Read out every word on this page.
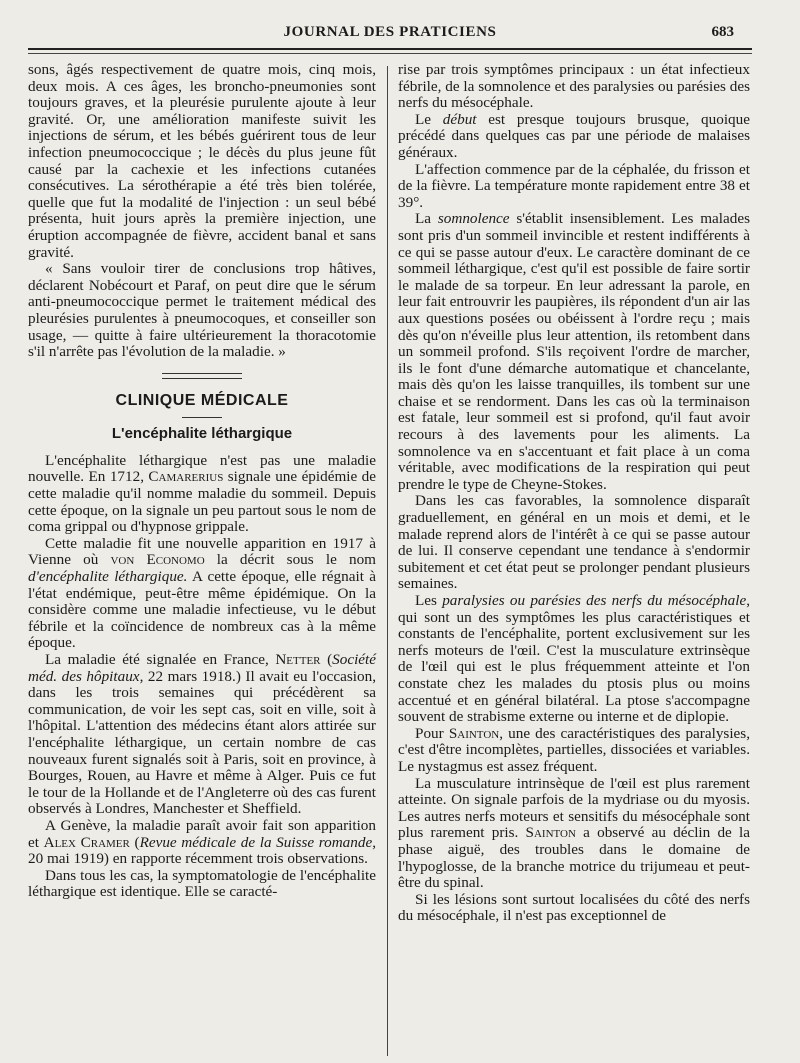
JOURNAL DES PRATICIENS	683

sons, âgés respectivement de quatre mois, cinq mois, deux mois. A ces âges, les broncho-pneumonies sont toujours graves, et la pleurésie purulente ajoute à leur gravité. Or, une amélioration manifeste suivit les injections de sérum, et les bébés guérirent tous de leur infection pneumococcique ; le décès du plus jeune fût causé par la cachexie et les infections cutanées consécutives. La sérothérapie a été très bien tolérée, quelle que fut la modalité de l'injection : un seul bébé présenta, huit jours après la première injection, une éruption accompagnée de fièvre, accident banal et sans gravité.

« Sans vouloir tirer de conclusions trop hâtives, déclarent Nobécourt et Paraf, on peut dire que le sérum anti-pneumococcique permet le traitement médical des pleurésies purulentes à pneumocoques, et conseiller son usage, — quitte à faire ultérieurement la thoracotomie s'il n'arrête pas l'évolution de la maladie. »

CLINIQUE MÉDICALE
L'encéphalite léthargique

L'encéphalite léthargique n'est pas une maladie nouvelle. En 1712, Camarerius signale une épidémie de cette maladie qu'il nomme maladie du sommeil. Depuis cette époque, on la signale un peu partout sous le nom de coma grippal ou d'hypnose grippale.

Cette maladie fit une nouvelle apparition en 1917 à Vienne où von Economo la décrit sous le nom d'encéphalite léthargique. A cette époque, elle régnait à l'état endémique, peut-être même épidémique. On la considère comme une maladie infectieuse, vu le début fébrile et la coïncidence de nombreux cas à la même époque.

La maladie été signalée en France, Netter (Société méd. des hôpitaux, 22 mars 1918.) Il avait eu l'occasion, dans les trois semaines qui précédèrent sa communication, de voir les sept cas, soit en ville, soit à l'hôpital. L'attention des médecins étant alors attirée sur l'encéphalite léthargique, un certain nombre de cas nouveaux furent signalés soit à Paris, soit en province, à Bourges, Rouen, au Havre et même à Alger. Puis ce fut le tour de la Hollande et de l'Angleterre où des cas furent observés à Londres, Manchester et Sheffield.

A Genève, la maladie paraît avoir fait son apparition et Alex Cramer (Revue médicale de la Suisse romande, 20 mai 1919) en rapporte récemment trois observations.

Dans tous les cas, la symptomatologie de l'encéphalite léthargique est identique. Elle se caracté-

rise par trois symptômes principaux : un état infectieux fébrile, de la somnolence et des paralysies ou parésies des nerfs du mésocéphale.

Le début est presque toujours brusque, quoique précédé dans quelques cas par une période de malaises généraux.

L'affection commence par de la céphalée, du frisson et de la fièvre. La température monte rapidement entre 38 et 39°.

La somnolence s'établit insensiblement. Les malades sont pris d'un sommeil invincible et restent indifférents à ce qui se passe autour d'eux. Le caractère dominant de ce sommeil léthargique, c'est qu'il est possible de faire sortir le malade de sa torpeur. En leur adressant la parole, en leur fait entrouvrir les paupières, ils répondent d'un air las aux questions posées ou obéissent à l'ordre reçu ; mais dès qu'on n'éveille plus leur attention, ils retombent dans un sommeil profond. S'ils reçoivent l'ordre de marcher, ils le font d'une démarche automatique et chancelante, mais dès qu'on les laisse tranquilles, ils tombent sur une chaise et se rendorment. Dans les cas où la terminaison est fatale, leur sommeil est si profond, qu'il faut avoir recours à des lavements pour les aliments. La somnolence va en s'accentuant et fait place à un coma véritable, avec modifications de la respiration qui peut prendre le type de Cheyne-Stokes.

Dans les cas favorables, la somnolence disparaît graduellement, en général en un mois et demi, et le malade reprend alors de l'intérêt à ce qui se passe autour de lui. Il conserve cependant une tendance à s'endormir subitement et cet état peut se prolonger pendant plusieurs semaines.

Les paralysies ou parésies des nerfs du mésocéphale, qui sont un des symptômes les plus caractéristiques et constants de l'encéphalite, portent exclusivement sur les nerfs moteurs de l'œil. C'est la musculature extrinsèque de l'œil qui est le plus fréquemment atteinte et l'on constate chez les malades du ptosis plus ou moins accentué et en général bilatéral. La ptose s'accompagne souvent de strabisme externe ou interne et de diplopie.

Pour Sainton, une des caractéristiques des paralysies, c'est d'être incomplètes, partielles, dissociées et variables. Le nystagmus est assez fréquent.

La musculature intrinsèque de l'œil est plus rarement atteinte. On signale parfois de la mydriase ou du myosis. Les autres nerfs moteurs et sensitifs du mésocéphale sont plus rarement pris. Sainton a observé au déclin de la phase aiguë, des troubles dans le domaine de l'hypoglosse, de la branche motrice du trijumeau et peut-être du spinal.

Si les lésions sont surtout localisées du côté des nerfs du mésocéphale, il n'est pas exceptionnel de
